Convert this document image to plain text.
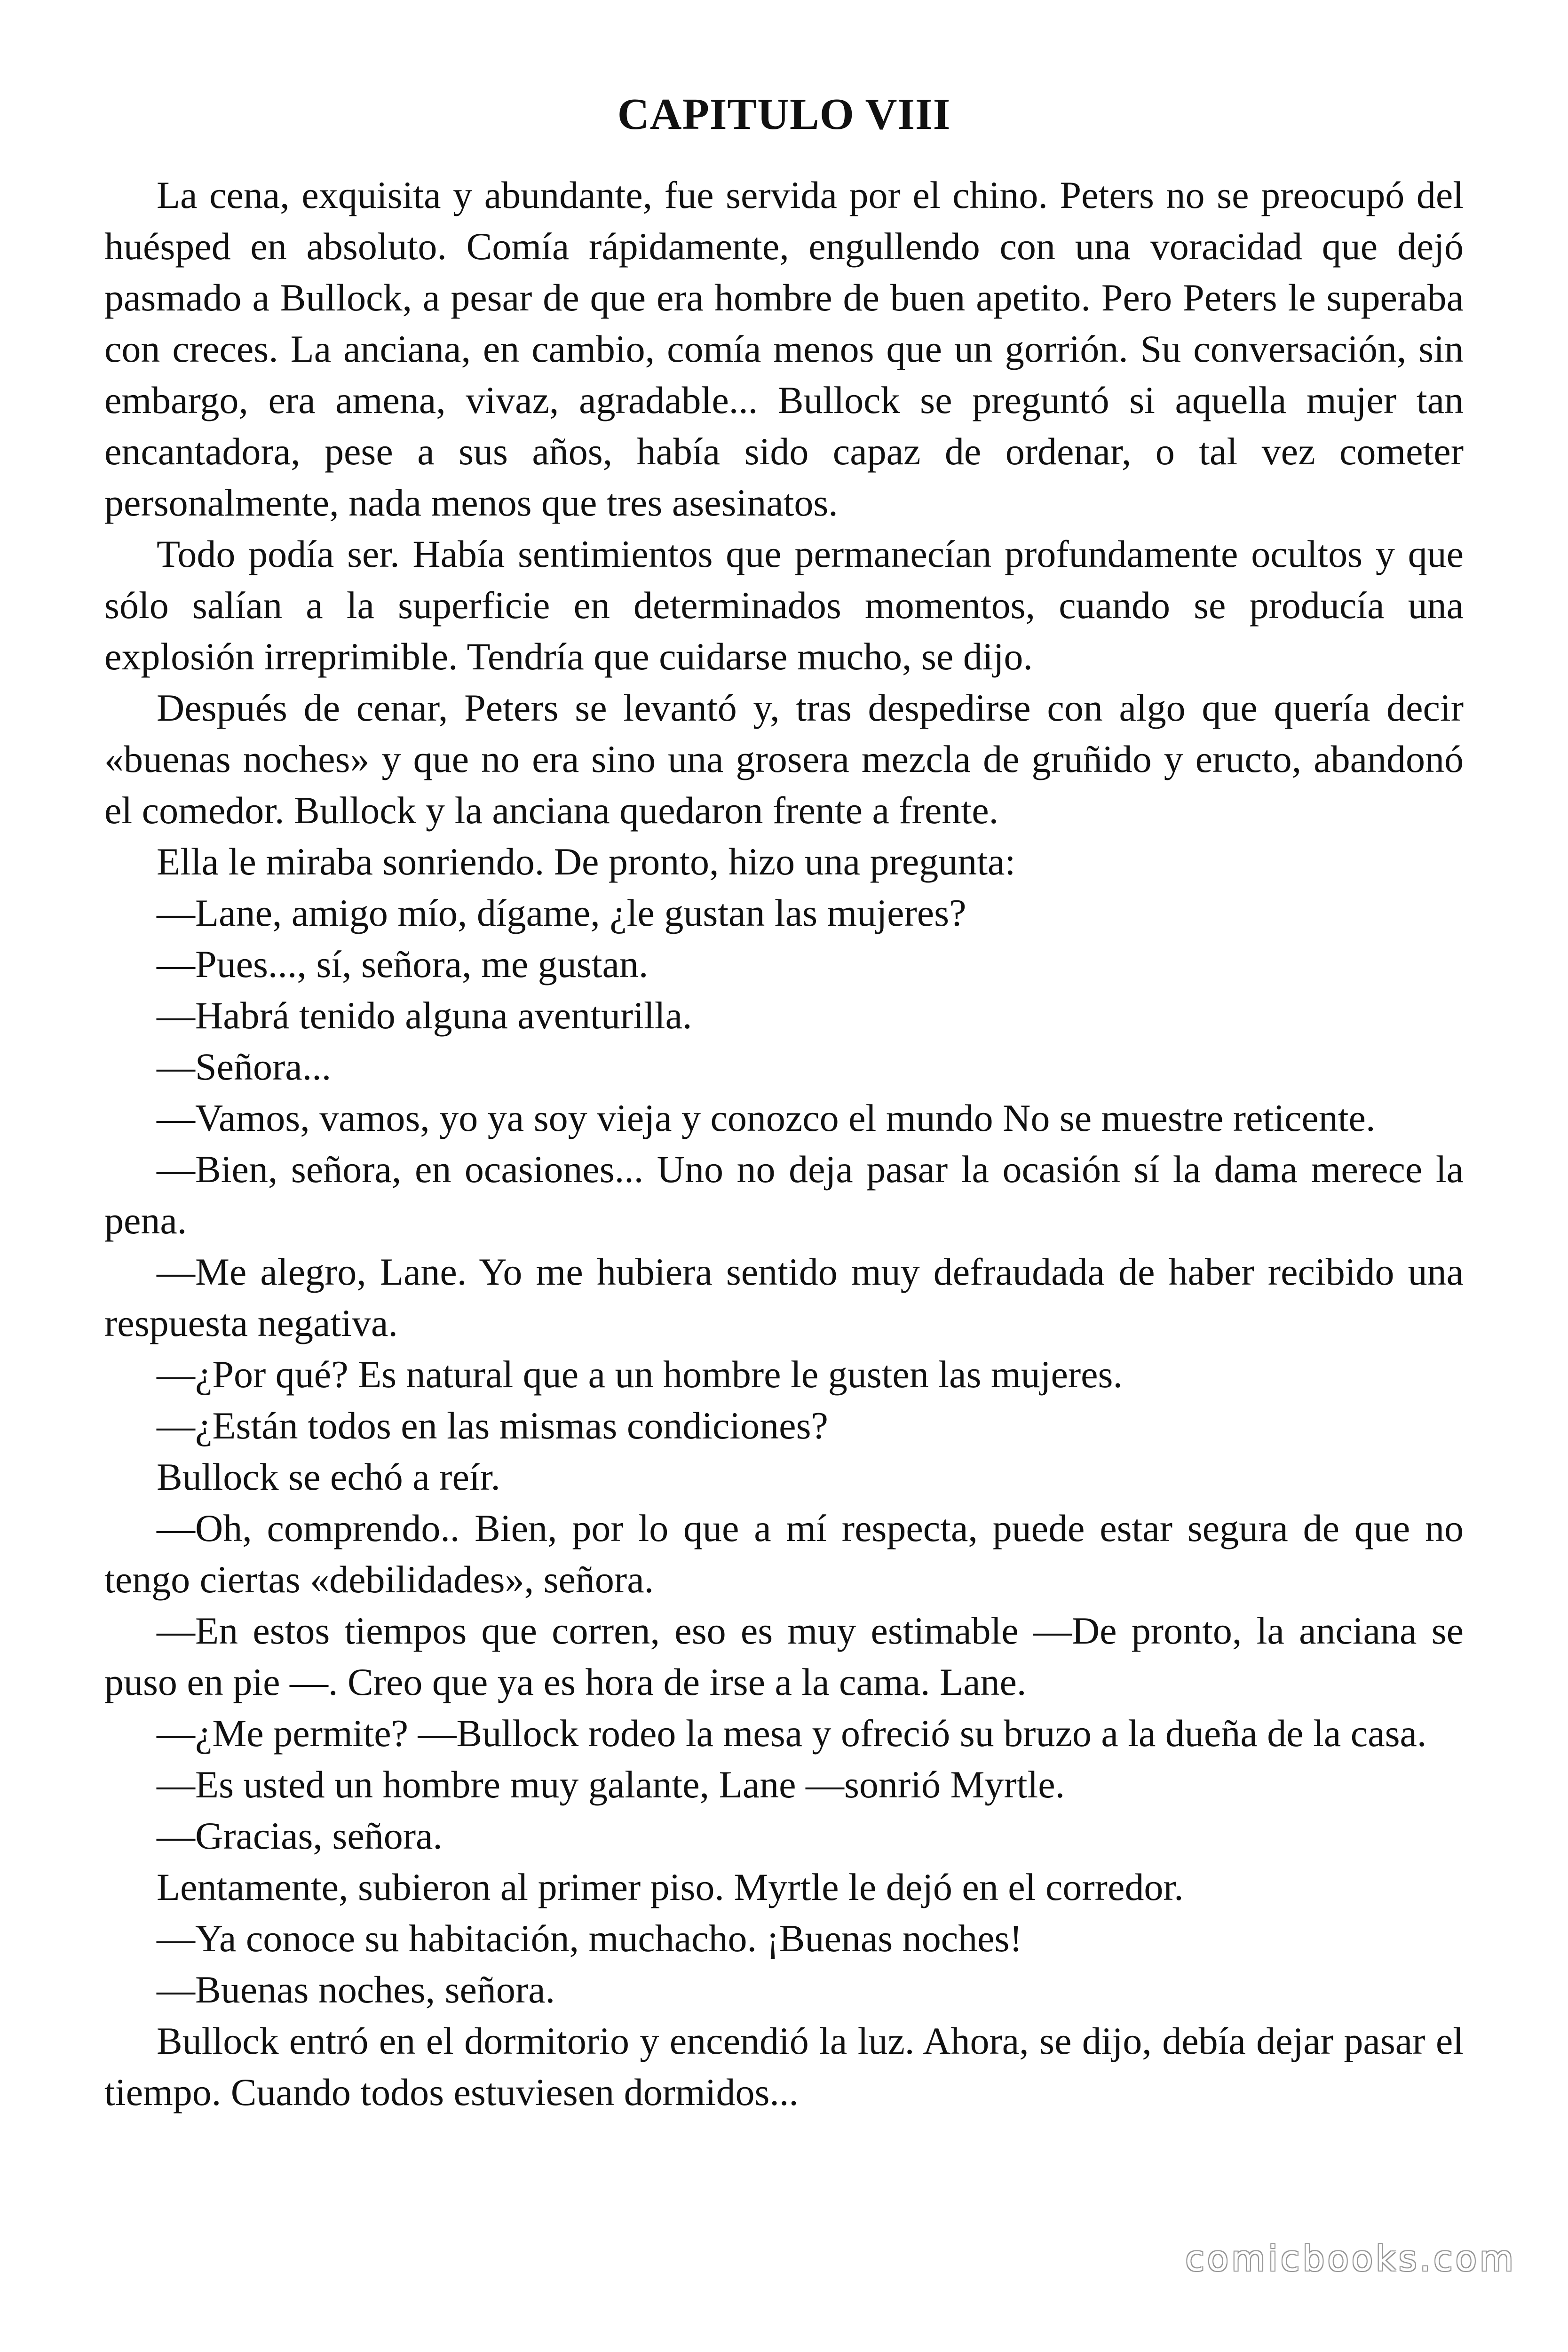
CAPITULO VIII

La cena, exquisita y abundante, fue servida por el chino. Peters no se preocupó del huésped en absoluto. Comía rápidamente, engullendo con una voracidad que dejó pasmado a Bullock, a pesar de que era hombre de buen apetito. Pero Peters le superaba con creces. La anciana, en cambio, comía menos que un gorrión. Su conversación, sin embargo, era amena, vivaz, agradable... Bullock se preguntó si aquella mujer tan encantadora, pese a sus años, había sido capaz de ordenar, o tal vez cometer personalmente, nada menos que tres asesinatos.

Todo podía ser. Había sentimientos que permanecían profundamente ocultos y que sólo salían a la superficie en determinados momentos, cuando se producía una explosión irreprimible. Tendría que cuidarse mucho, se dijo.

Después de cenar, Peters se levantó y, tras despedirse con algo que quería decir «buenas noches» y que no era sino una grosera mezcla de gruñido y eructo, abandonó el comedor. Bullock y la anciana quedaron frente a frente.

Ella le miraba sonriendo. De pronto, hizo una pregunta:

—Lane, amigo mío, dígame, ¿le gustan las mujeres?

—Pues..., sí, señora, me gustan.

—Habrá tenido alguna aventurilla.

—Señora...

—Vamos, vamos, yo ya soy vieja y conozco el mundo No se muestre reticente.

—Bien, señora, en ocasiones... Uno no deja pasar la ocasión sí la dama merece la pena.

—Me alegro, Lane. Yo me hubiera sentido muy defraudada de haber recibido una respuesta negativa.

—¿Por qué? Es natural que a un hombre le gusten las mujeres.

—¿Están todos en las mismas condiciones?

Bullock se echó a reír.

—Oh, comprendo.. Bien, por lo que a mí respecta, puede estar segura de que no tengo ciertas «debilidades», señora.

—En estos tiempos que corren, eso es muy estimable —De pronto, la anciana se puso en pie —. Creo que ya es hora de irse a la cama. Lane.

—¿Me permite? —Bullock rodeo la mesa y ofreció su bruzo a la dueña de la casa.

—Es usted un hombre muy galante, Lane —sonrió Myrtle.

—Gracias, señora.

Lentamente, subieron al primer piso. Myrtle le dejó en el corredor.

—Ya conoce su habitación, muchacho. ¡Buenas noches!

—Buenas noches, señora.

Bullock entró en el dormitorio y encendió la luz. Ahora, se dijo, debía dejar pasar el tiempo. Cuando todos estuviesen dormidos...

comicbooks.com
